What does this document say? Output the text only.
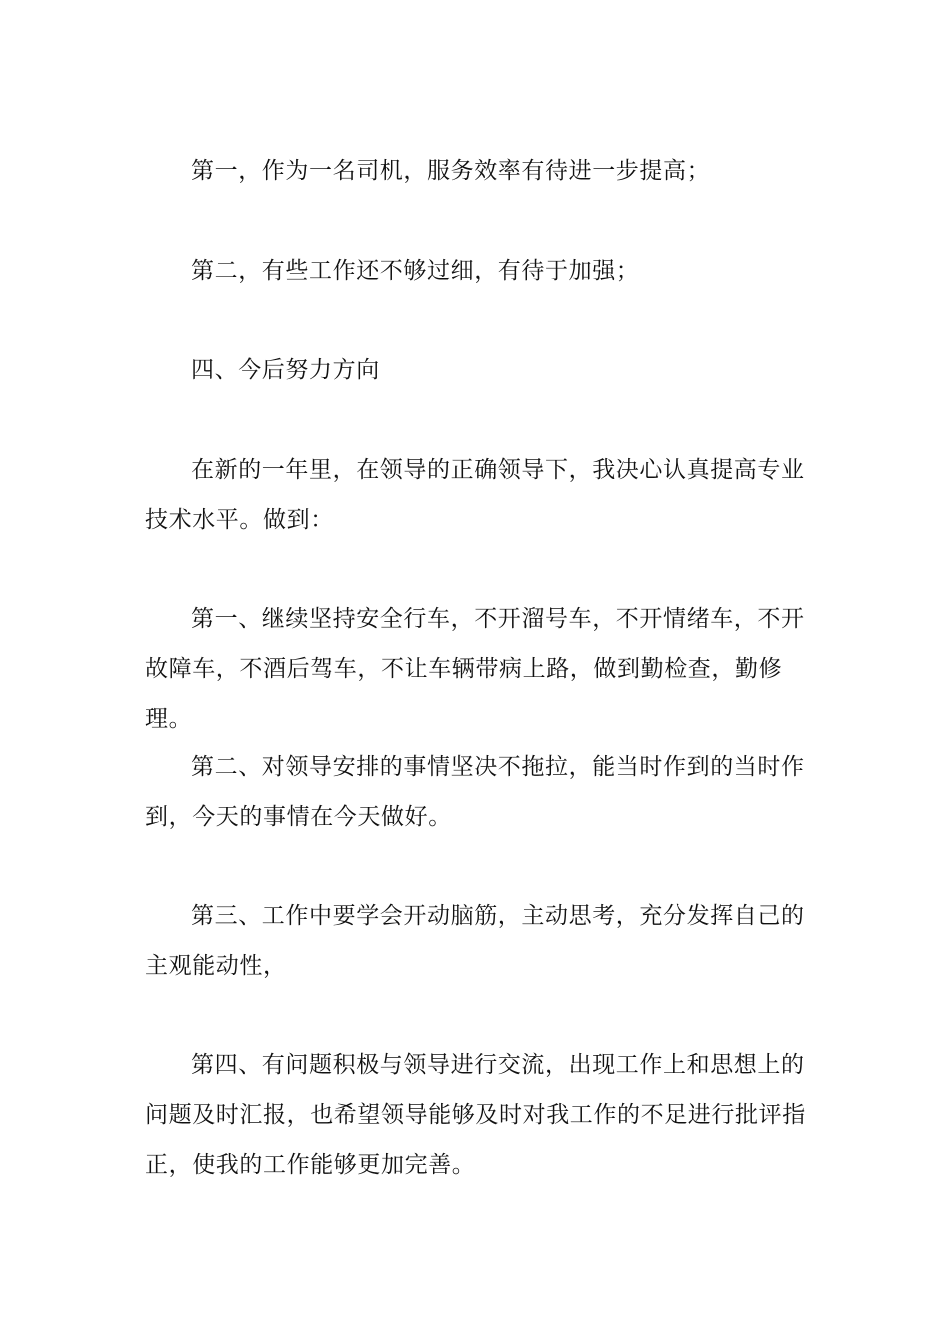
第一，作为一名司机，服务效率有待进一步提高；

第二，有些工作还不够过细，有待于加强；

四、今后努力方向

在新的一年里，在领导的正确领导下，我决心认真提高专业技术水平。做到：

第一、继续坚持安全行车，不开溜号车，不开情绪车，不开故障车，不酒后驾车，不让车辆带病上路，做到勤检查，勤修理。

第二、对领导安排的事情坚决不拖拉，能当时作到的当时作到，今天的事情在今天做好。

第三、工作中要学会开动脑筋，主动思考，充分发挥自己的主观能动性，

第四、有问题积极与领导进行交流，出现工作上和思想上的问题及时汇报，也希望领导能够及时对我工作的不足进行批评指正，使我的工作能够更加完善。
